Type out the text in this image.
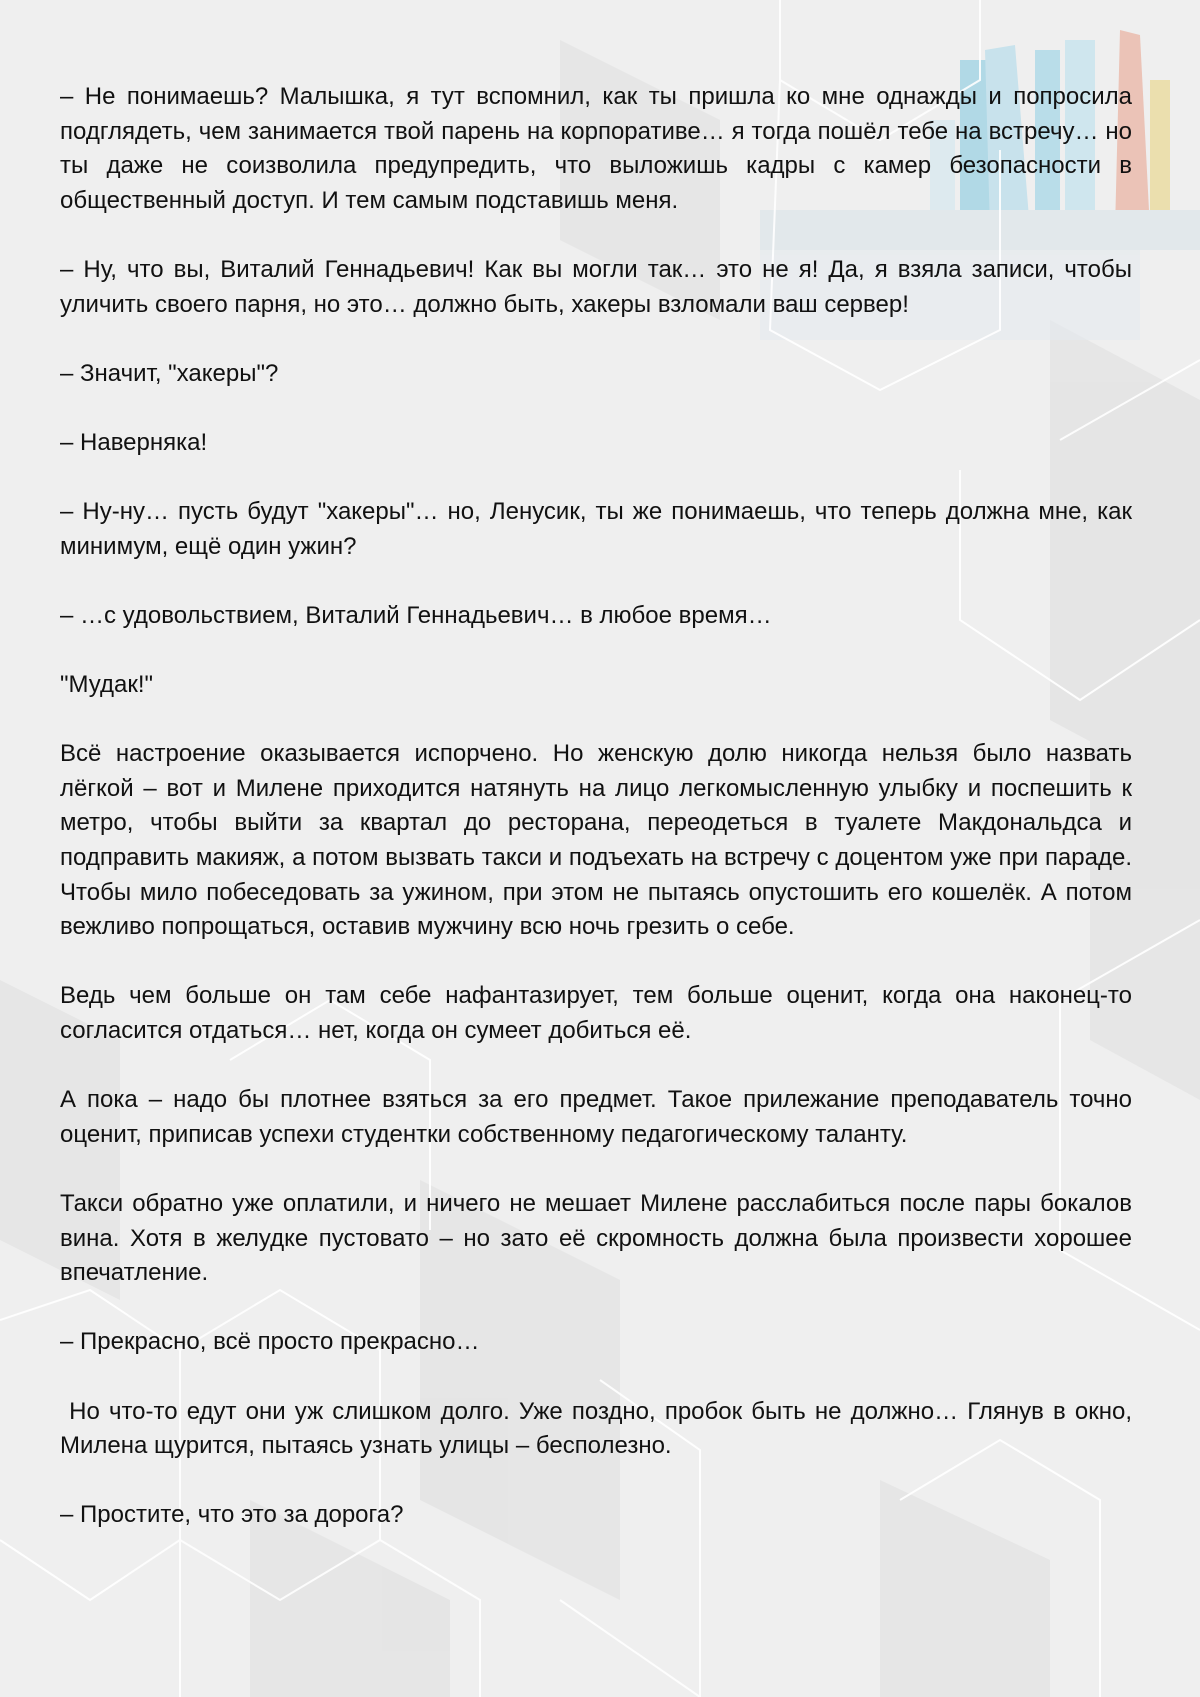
– Не понимаешь? Малышка, я тут вспомнил, как ты пришла ко мне однажды и попросила подглядеть, чем занимается твой парень на корпоративе… я тогда пошёл тебе на встречу… но ты даже не соизволила предупредить, что выложишь кадры с камер безопасности в общественный доступ. И тем самым подставишь меня.

– Ну, что вы, Виталий Геннадьевич! Как вы могли так… это не я! Да, я взяла записи, чтобы уличить своего парня, но это… должно быть, хакеры взломали ваш сервер!

– Значит, "хакеры"?

– Наверняка!

– Ну-ну… пусть будут "хакеры"… но, Ленусик, ты же понимаешь, что теперь должна мне, как минимум, ещё один ужин?

– …с удовольствием, Виталий Геннадьевич… в любое время…

"Мудак!"

Всё настроение оказывается испорчено. Но женскую долю никогда нельзя было назвать лёгкой – вот и Милене приходится натянуть на лицо легкомысленную улыбку и поспешить к метро, чтобы выйти за квартал до ресторана, переодеться в туалете Макдональдса и подправить макияж, а потом вызвать такси и подъехать на встречу с доцентом уже при параде. Чтобы мило побеседовать за ужином, при этом не пытаясь опустошить его кошелёк. А потом вежливо попрощаться, оставив мужчину всю ночь грезить о себе.

Ведь чем больше он там себе нафантазирует, тем больше оценит, когда она наконец-то согласится отдаться… нет, когда он сумеет добиться её.

А пока – надо бы плотнее взяться за его предмет. Такое прилежание преподаватель точно оценит, приписав успехи студентки собственному педагогическому таланту.

Такси обратно уже оплатили, и ничего не мешает Милене расслабиться после пары бокалов вина. Хотя в желудке пустовато – но зато её скромность должна была произвести хорошее впечатление.

– Прекрасно, всё просто прекрасно…

Но что-то едут они уж слишком долго. Уже поздно, пробок быть не должно… Глянув в окно, Милена щурится, пытаясь узнать улицы – бесполезно.

– Простите, что это за дорога?
